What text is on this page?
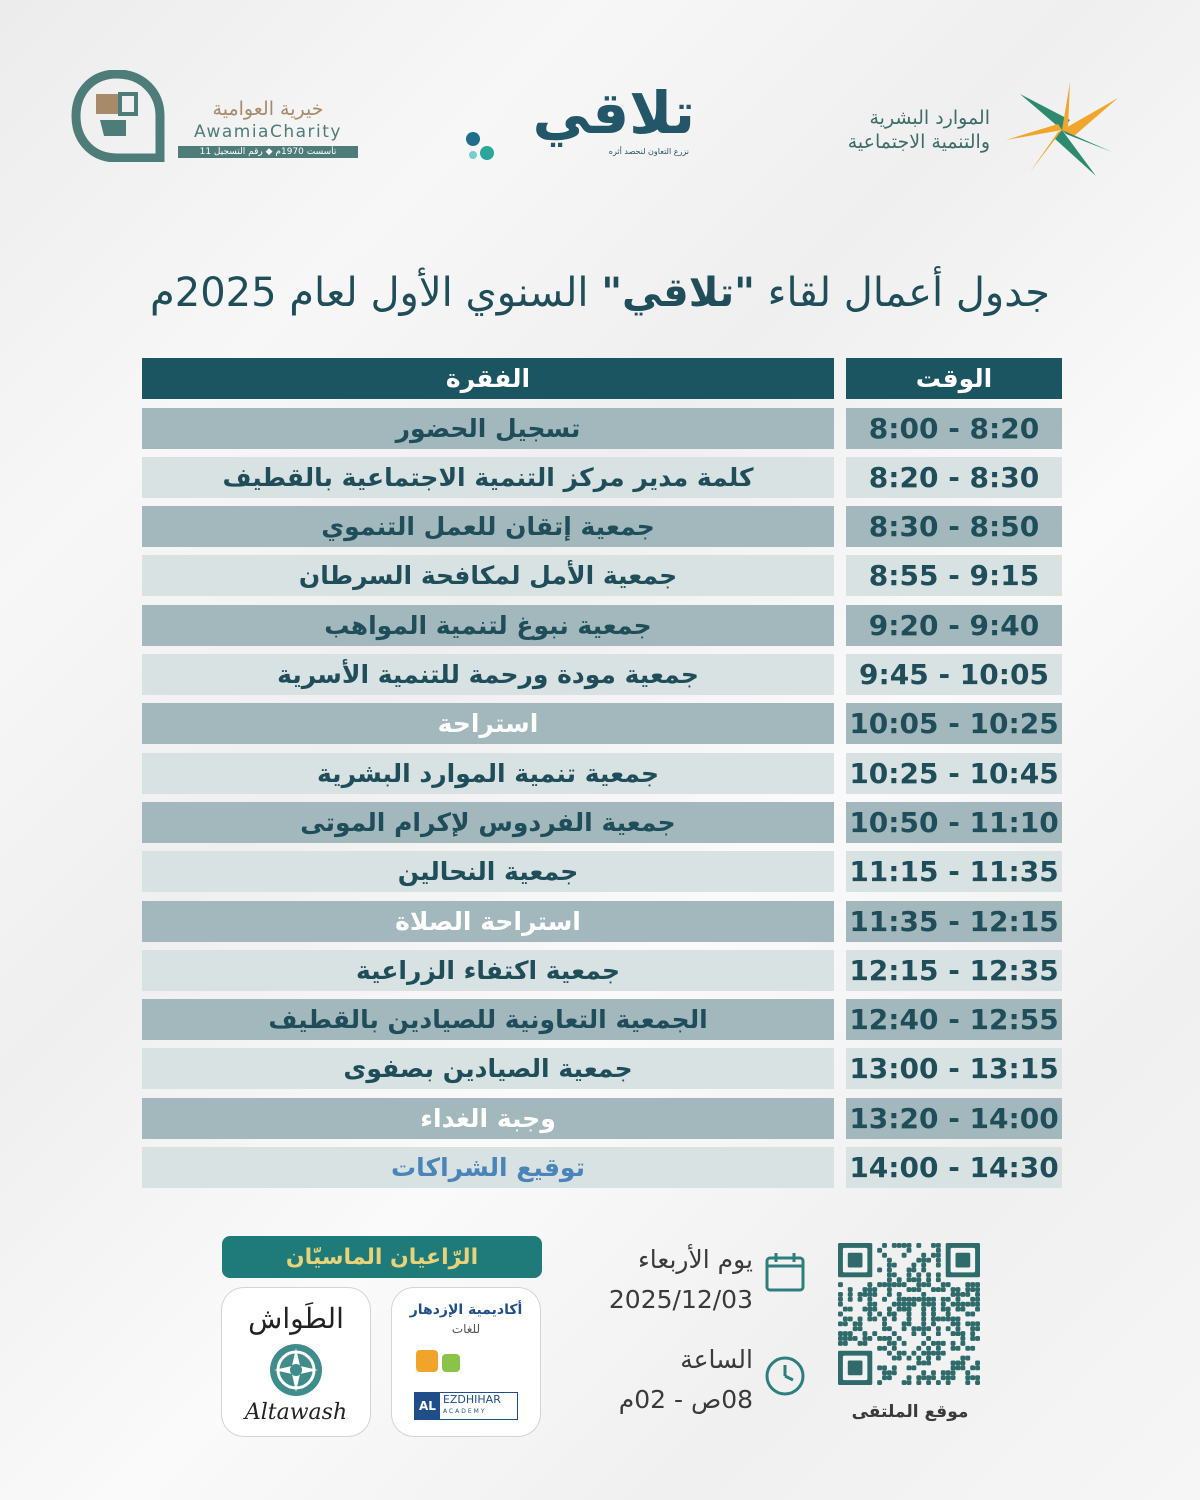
خيرية العوامية
AwamiaCharity
تأسست 1970م ◆ رقم التسجيل 11
تلاقي
نزرع التعاون لنحصد أثره
الموارد البشرية
والتنمية الاجتماعية
جدول أعمال لقاء "تلاقي" السنوي الأول لعام 2025م
الفقرة	الوقت
تسجيل الحضور	8:00 - 8:20
كلمة مدير مركز التنمية الاجتماعية بالقطيف	8:20 - 8:30
جمعية إتقان للعمل التنموي	8:30 - 8:50
جمعية الأمل لمكافحة السرطان	8:55 - 9:15
جمعية نبوغ لتنمية المواهب	9:20 - 9:40
جمعية مودة ورحمة للتنمية الأسرية	9:45 - 10:05
استراحة	10:05 - 10:25
جمعية تنمية الموارد البشرية	10:25 - 10:45
جمعية الفردوس لإكرام الموتى	10:50 - 11:10
جمعية النحالين	11:15 - 11:35
استراحة الصلاة	11:35 - 12:15
جمعية اكتفاء الزراعية	12:15 - 12:35
الجمعية التعاونية للصيادين بالقطيف	12:40 - 12:55
جمعية الصيادين بصفوى	13:00 - 13:15
وجبة الغداء	13:20 - 14:00
توقيع الشراكات	14:00 - 14:30
الرّاعيان الماسيّان
أكاديمية الإزدهار
للغات
AL EZDHIHAR
ACADEMY
الطَواش
Altawash
يوم الأربعاء
2025/12/03
الساعة
08ص - 02م	موقع الملتقى
